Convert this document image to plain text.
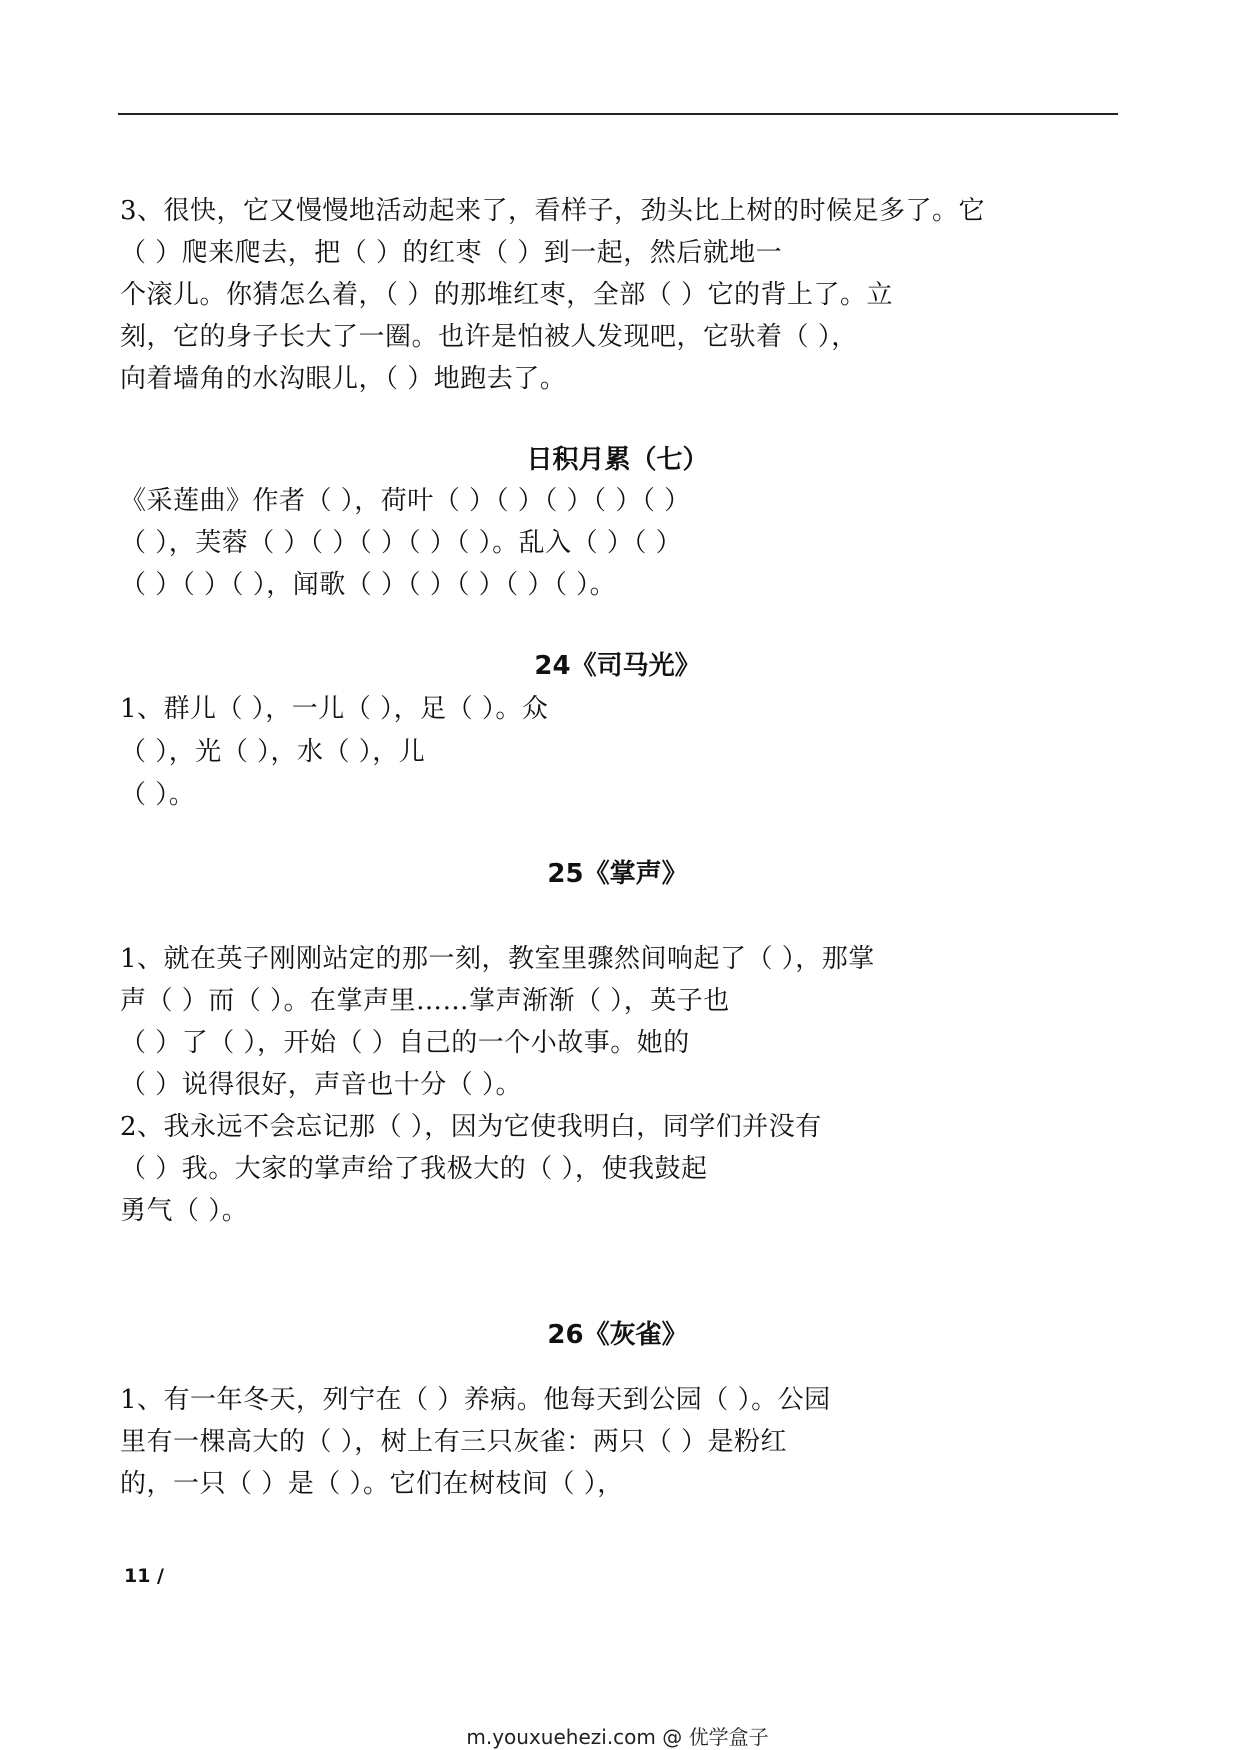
3、很快，它又慢慢地活动起来了，看样子，劲头比上树的时候足多了。它
（ ）爬来爬去，把（ ）的红枣（ ）到一起，然后就地一
个滚儿。你猜怎么着，（ ）的那堆红枣，全部（ ）它的背上了。立
刻，它的身子长大了一圈。也许是怕被人发现吧，它驮着（ ），
向着墙角的水沟眼儿，（ ）地跑去了。
日积月累（七）
《采莲曲》作者（ ），荷叶（ ）（ ）（ ）（ ）（ ）
（ ），芙蓉（ ）（ ）（ ）（ ）（ ）。乱入（ ）（ ）
（ ）（ ）（ ），闻歌（ ）（ ）（ ）（ ）（ ）。
24《司马光》
1、群儿（ ），一儿（ ），足（ ）。众
（ ），光（ ），水（ ），儿
（ ）。
25《掌声》
1、就在英子刚刚站定的那一刻，教室里骤然间响起了（ ），那掌
声（ ）而（ ）。在掌声里……掌声渐渐（ ），英子也
（ ）了（ ），开始（ ）自己的一个小故事。她的
（ ）说得很好，声音也十分（ ）。
2、我永远不会忘记那（ ），因为它使我明白，同学们并没有
（ ）我。大家的掌声给了我极大的（ ），使我鼓起
勇气（ ）。
26《灰雀》
1、有一年冬天，列宁在（ ）养病。他每天到公园（ ）。公园
里有一棵高大的（ ），树上有三只灰雀：两只（ ）是粉红
的，一只（ ）是（ ）。它们在树枝间（ ），
11 /
m.youxuehezi.com @ 优学盒子
